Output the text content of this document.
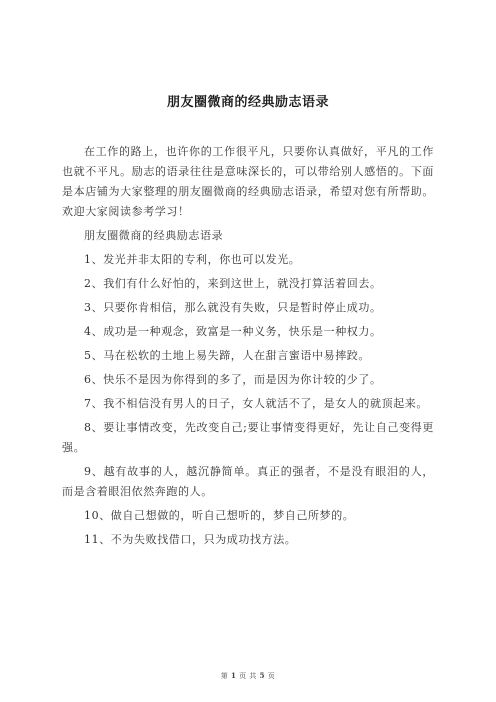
朋友圈微商的经典励志语录

在工作的路上，也许你的工作很平凡，只要你认真做好，平凡的工作也就不平凡。励志的语录往往是意味深长的，可以带给别人感悟的。下面是本店铺为大家整理的朋友圈微商的经典励志语录，希望对您有所帮助。欢迎大家阅读参考学习！

朋友圈微商的经典励志语录

1、发光并非太阳的专利，你也可以发光。

2、我们有什么好怕的，来到这世上，就没打算活着回去。

3、只要你肯相信，那么就没有失败，只是暂时停止成功。

4、成功是一种观念，致富是一种义务，快乐是一种权力。

5、马在松软的土地上易失蹄，人在甜言蜜语中易摔跤。

6、快乐不是因为你得到的多了，而是因为你计较的少了。

7、我不相信没有男人的日子，女人就活不了，是女人的就顶起来。

8、要让事情改变，先改变自己;要让事情变得更好，先让自己变得更强。

9、越有故事的人，越沉静简单。真正的强者，不是没有眼泪的人，而是含着眼泪依然奔跑的人。

10、做自己想做的，听自己想听的，梦自己所梦的。

11、不为失败找借口，只为成功找方法。

第 1 页 共 5 页
